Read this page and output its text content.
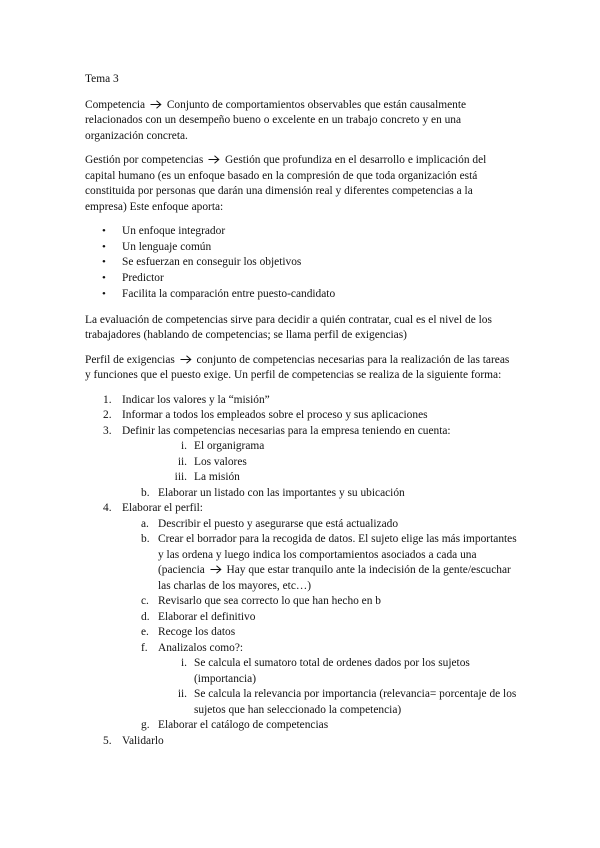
Tema 3

Competencia Conjunto de comportamientos observables que están causalmente relacionados con un desempeño bueno o excelente en un trabajo concreto y en una organización concreta.

Gestión por competencias Gestión que profundiza en el desarrollo e implicación del capital humano (es un enfoque basado en la compresión de que toda organización está constituida por personas que darán una dimensión real y diferentes competencias a la empresa) Este enfoque aporta:

• Un enfoque integrador
• Un lenguaje común
• Se esfuerzan en conseguir los objetivos
• Predictor
• Facilita la comparación entre puesto-candidato

La evaluación de competencias sirve para decidir a quién contratar, cual es el nivel de los trabajadores (hablando de competencias; se llama perfil de exigencias)

Perfil de exigencias conjunto de competencias necesarias para la realización de las tareas y funciones que el puesto exige. Un perfil de competencias se realiza de la siguiente forma:

1. Indicar los valores y la “misión”
2. Informar a todos los empleados sobre el proceso y sus aplicaciones
3. Definir las competencias necesarias para la empresa teniendo en cuenta:
i. El organigrama
ii. Los valores
iii. La misión
b. Elaborar un listado con las importantes y su ubicación
4. Elaborar el perfil:
a. Describir el puesto y asegurarse que está actualizado
b. Crear el borrador para la recogida de datos. El sujeto elige las más importantes y las ordena y luego indica los comportamientos asociados a cada una (paciencia Hay que estar tranquilo ante la indecisión de la gente/escuchar las charlas de los mayores, etc…)
c. Revisarlo que sea correcto lo que han hecho en b
d. Elaborar el definitivo
e. Recoge los datos
f. Analizalos como?:
i. Se calcula el sumatoro total de ordenes dados por los sujetos (importancia)
ii. Se calcula la relevancia por importancia (relevancia= porcentaje de los sujetos que han seleccionado la competencia)
g. Elaborar el catálogo de competencias
5. Validarlo
